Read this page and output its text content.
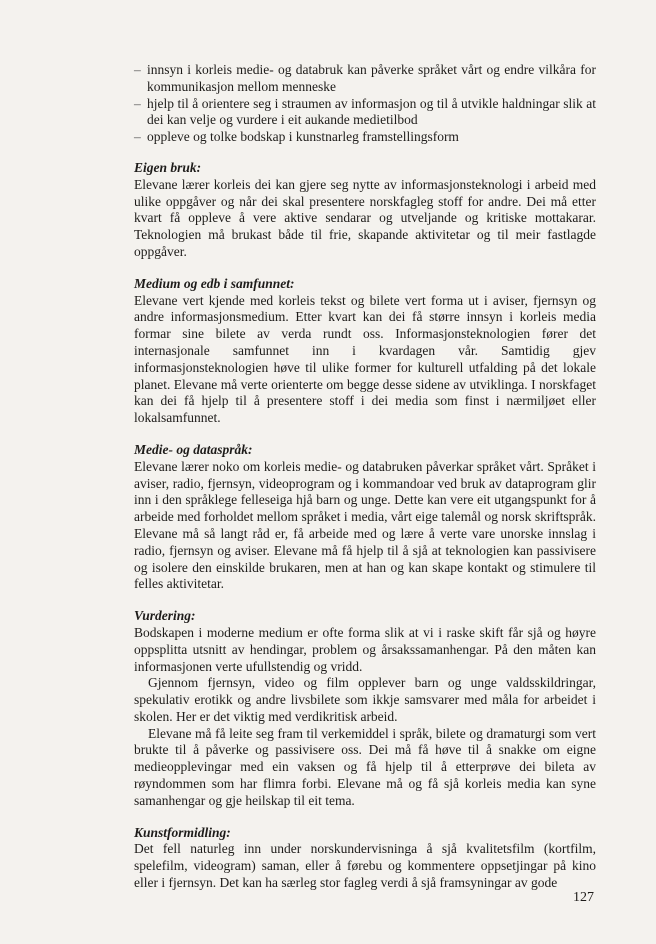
– innsyn i korleis medie- og databruk kan påverke språket vårt og endre vilkåra for kommunikasjon mellom menneske
– hjelp til å orientere seg i straumen av informasjon og til å utvikle haldningar slik at dei kan velje og vurdere i eit aukande medietilbod
– oppleve og tolke bodskap i kunstnarleg framstellingsform
Eigen bruk:

Elevane lærer korleis dei kan gjere seg nytte av informasjonsteknologi i arbeid med ulike oppgåver og når dei skal presentere norskfagleg stoff for andre. Dei må etter kvart få oppleve å vere aktive sendarar og utveljande og kritiske mottakarar. Teknologien må brukast både til frie, skapande aktivitetar og til meir fastlagde oppgåver.

Medium og edb i samfunnet:

Elevane vert kjende med korleis tekst og bilete vert forma ut i aviser, fjernsyn og andre informasjonsmedium. Etter kvart kan dei få større innsyn i korleis media formar sine bilete av verda rundt oss. Informasjonsteknologien fører det internasjonale samfunnet inn i kvardagen vår. Samtidig gjev informasjonsteknologien høve til ulike former for kulturell utfalding på det lokale planet. Elevane må verte orienterte om begge desse sidene av utviklinga. I norskfaget kan dei få hjelp til å presentere stoff i dei media som finst i nærmiljøet eller lokalsamfunnet.

Medie- og dataspråk:

Elevane lærer noko om korleis medie- og databruken påverkar språket vårt. Språket i aviser, radio, fjernsyn, videoprogram og i kommandoar ved bruk av dataprogram glir inn i den språklege felleseiga hjå barn og unge. Dette kan vere eit utgangspunkt for å arbeide med forholdet mellom språket i media, vårt eige talemål og norsk skriftspråk. Elevane må så langt råd er, få arbeide med og lære å verte vare unorske innslag i radio, fjernsyn og aviser. Elevane må få hjelp til å sjå at teknologien kan passivisere og isolere den einskilde brukaren, men at han og kan skape kontakt og stimulere til felles aktivitetar.

Vurdering:

Bodskapen i moderne medium er ofte forma slik at vi i raske skift får sjå og høyre oppsplitta utsnitt av hendingar, problem og årsakssamanhengar. På den måten kan informasjonen verte ufullstendig og vridd.

Gjennom fjernsyn, video og film opplever barn og unge valdsskildringar, spekulativ erotikk og andre livsbilete som ikkje samsvarer med måla for arbeidet i skolen. Her er det viktig med verdikritisk arbeid.

Elevane må få leite seg fram til verkemiddel i språk, bilete og dramaturgi som vert brukte til å påverke og passivisere oss. Dei må få høve til å snakke om eigne medieopplevingar med ein vaksen og få hjelp til å etterprøve dei bileta av røyndommen som har flimra forbi. Elevane må og få sjå korleis media kan syne samanhengar og gje heilskap til eit tema.

Kunstformidling:

Det fell naturleg inn under norskundervisninga å sjå kvalitetsfilm (kortfilm, spelefilm, videogram) saman, eller å førebu og kommentere oppsetjingar på kino eller i fjernsyn. Det kan ha særleg stor fagleg verdi å sjå framsyningar av gode

127
